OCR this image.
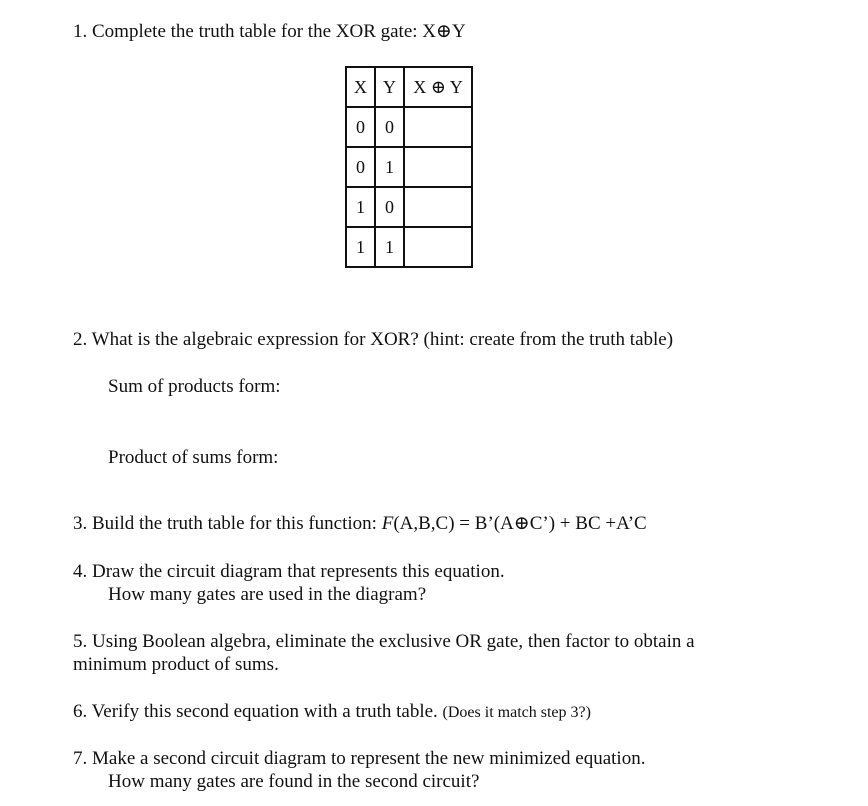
1. Complete the truth table for the XOR gate: X⊕Y
X	Y	X ⊕ Y
0	0	
0	1	
1	0	
1	1	
2. What is the algebraic expression for XOR? (hint: create from the truth table)
Sum of products form:
Product of sums form:
3. Build the truth table for this function: F(A,B,C) = B’(A⊕C’) + BC +A’C
4. Draw the circuit diagram that represents this equation.
How many gates are used in the diagram?
5. Using Boolean algebra, eliminate the exclusive OR gate, then factor to obtain a
minimum product of sums.
6. Verify this second equation with a truth table. (Does it match step 3?)
7. Make a second circuit diagram to represent the new minimized equation.
How many gates are found in the second circuit?
